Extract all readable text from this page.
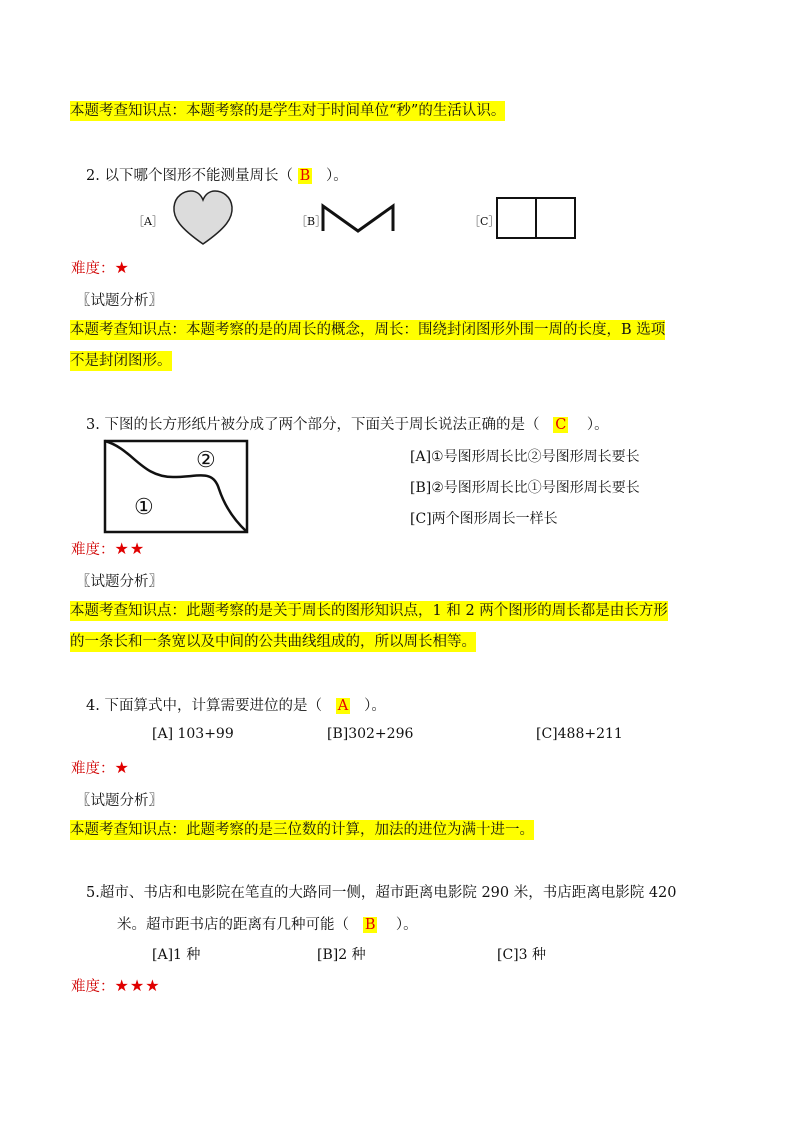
本题考查知识点：本题考察的是学生对于时间单位“秒”的生活认识。
2. 以下哪个图形不能测量周长（ B ）。
［A］	［B］	［C］
难度：★
〖试题分析〗
本题考查知识点：本题考察的是的周长的概念，周长：围绕封闭图形外围一周的长度，B 选项
不是封闭图形。
3. 下图的长方形纸片被分成了两个部分，下面关于周长说法正确的是（ C ）。
②
①
[A]①号图形周长比②号图形周长要长
[B]②号图形周长比①号图形周长要长
[C]两个图形周长一样长
难度：★★
〖试题分析〗
本题考查知识点：此题考察的是关于周长的图形知识点，1 和 2 两个图形的周长都是由长方形
的一条长和一条宽以及中间的公共曲线组成的，所以周长相等。
4. 下面算式中，计算需要进位的是（ A ）。
[A] 103+99	[B]302+296	[C]488+211
难度：★
〖试题分析〗
本题考查知识点：此题考察的是三位数的计算，加法的进位为满十进一。
5.超市、书店和电影院在笔直的大路同一侧，超市距离电影院 290 米，书店距离电影院 420
米。超市距书店的距离有几种可能（ B ）。
[A]1 种	[B]2 种	[C]3 种
难度：★★★
